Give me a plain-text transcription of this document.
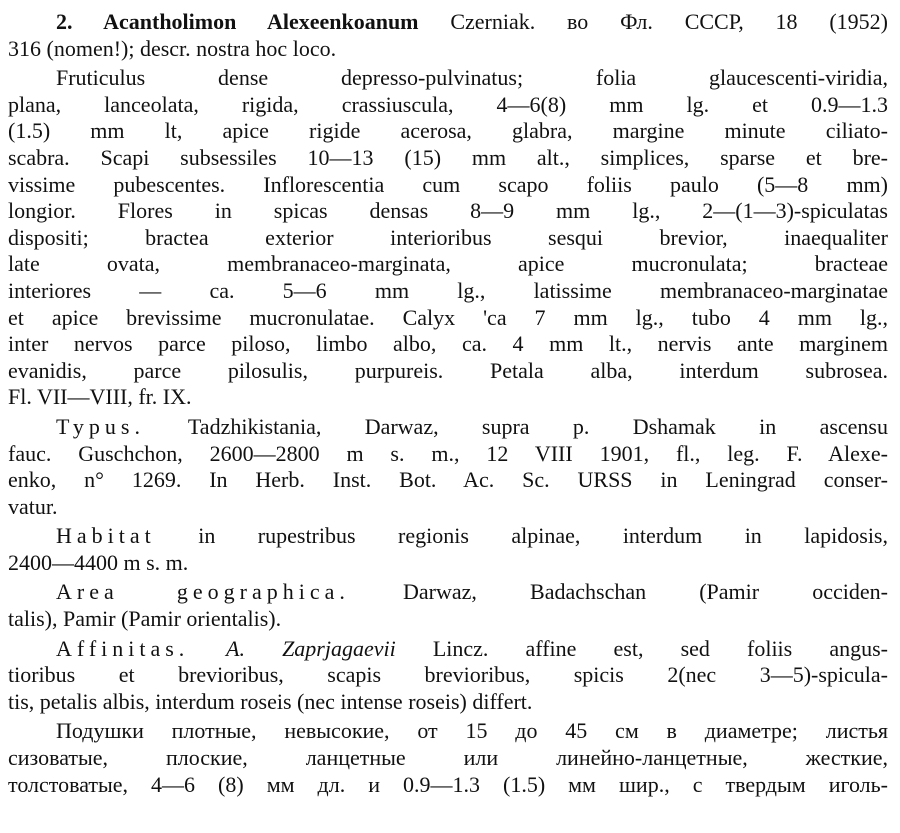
2. Acantholimon Alexeenkoanum Czerniak. во Фл. СССР, 18 (1952)
316 (nomen!); descr. nostra hoc loco.
Fruticulus dense depresso-pulvinatus; folia glaucescenti-viridia,
plana, lanceolata, rigida, crassiuscula, 4—6(8) mm lg. et 0.9—1.3
(1.5) mm lt, apice rigide acerosa, glabra, margine minute ciliato-
scabra. Scapi subsessiles 10—13 (15) mm alt., simplices, sparse et bre-
vissime pubescentes. Inflorescentia cum scapo foliis paulo (5—8 mm)
longior. Flores in spicas densas 8—9 mm lg., 2—(1—3)-spiculatas
dispositi; bractea exterior interioribus sesqui brevior, inaequaliter
late ovata, membranaceo-marginata, apice mucronulata; bracteae
interiores — ca. 5—6 mm lg., latissime membranaceo-marginatae
et apice brevissime mucronulatae. Calyx 'ca 7 mm lg., tubo 4 mm lg.,
inter nervos parce piloso, limbo albo, ca. 4 mm lt., nervis ante marginem
evanidis, parce pilosulis, purpureis. Petala alba, interdum subrosea.
Fl. VII—VIII, fr. IX.
Typus. Tadzhikistania, Darwaz, supra p. Dshamak in ascensu
fauc. Guschchon, 2600—2800 m s. m., 12 VIII 1901, fl., leg. F. Alexe-
enko, n° 1269. In Herb. Inst. Bot. Ac. Sc. URSS in Leningrad conser-
vatur.
Habitat in rupestribus regionis alpinae, interdum in lapidosis,
2400—4400 m s. m.
Area geographica. Darwaz, Badachschan (Pamir occiden-
talis), Pamir (Pamir orientalis).
Affinitas. A. Zaprjagaevii Lincz. affine est, sed foliis angus-
tioribus et brevioribus, scapis brevioribus, spicis 2(nec 3—5)-spicula-
tis, petalis albis, interdum roseis (nec intense roseis) differt.
Подушки плотные, невысокие, от 15 до 45 см в диаметре; листья
сизоватые, плоские, ланцетные или линейно-ланцетные, жесткие,
толстоватые, 4—6 (8) мм дл. и 0.9—1.3 (1.5) мм шир., с твердым иголь-
